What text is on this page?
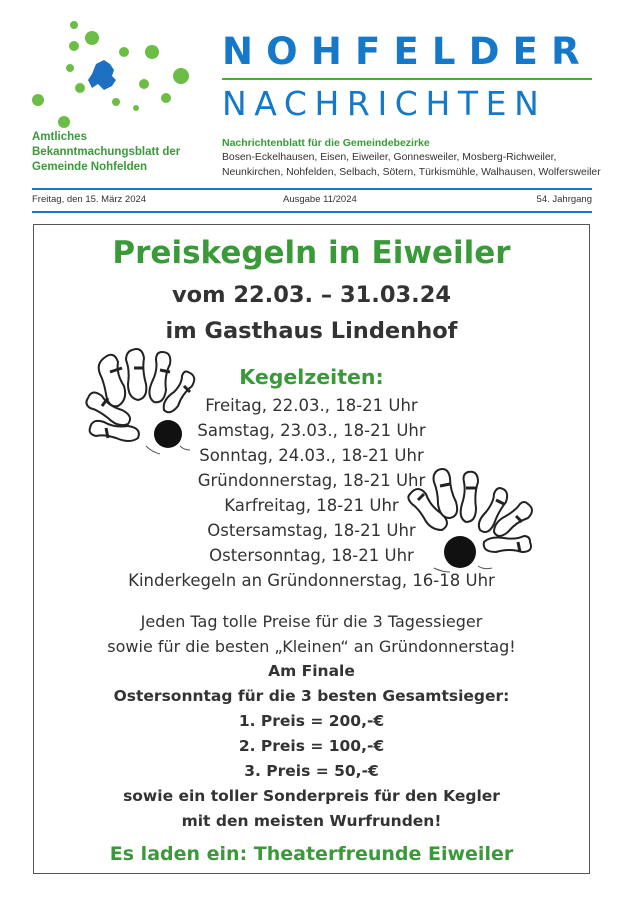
Amtliches
Bekanntmachungsblatt der
Gemeinde Nohfelden
NOHFELDER
NACHRICHTEN
Nachrichtenblatt für die Gemeindebezirke
Bosen-Eckelhausen, Eisen, Eiweiler, Gonnesweiler, Mosberg-Richweiler,
Neunkirchen, Nohfelden, Selbach, Sötern, Türkismühle, Walhausen, Wolfersweiler
Freitag, den 15. März 2024	Ausgabe 11/2024	54. Jahrgang
Preiskegeln in Eiweiler
vom 22.03. – 31.03.24
im Gasthaus Lindenhof
Kegelzeiten:
Freitag, 22.03., 18-21 Uhr
Samstag, 23.03., 18-21 Uhr
Sonntag, 24.03., 18-21 Uhr
Gründonnerstag, 18-21 Uhr
Karfreitag, 18-21 Uhr
Ostersamstag, 18-21 Uhr
Ostersonntag, 18-21 Uhr
Kinderkegeln an Gründonnerstag, 16-18 Uhr
Jeden Tag tolle Preise für die 3 Tagessieger
sowie für die besten „Kleinen“ an Gründonnerstag!
Am Finale
Ostersonntag für die 3 besten Gesamtsieger:
1. Preis = 200,-€
2. Preis = 100,-€
3. Preis = 50,-€
sowie ein toller Sonderpreis für den Kegler
mit den meisten Wurfrunden!
Es laden ein: Theaterfreunde Eiweiler
